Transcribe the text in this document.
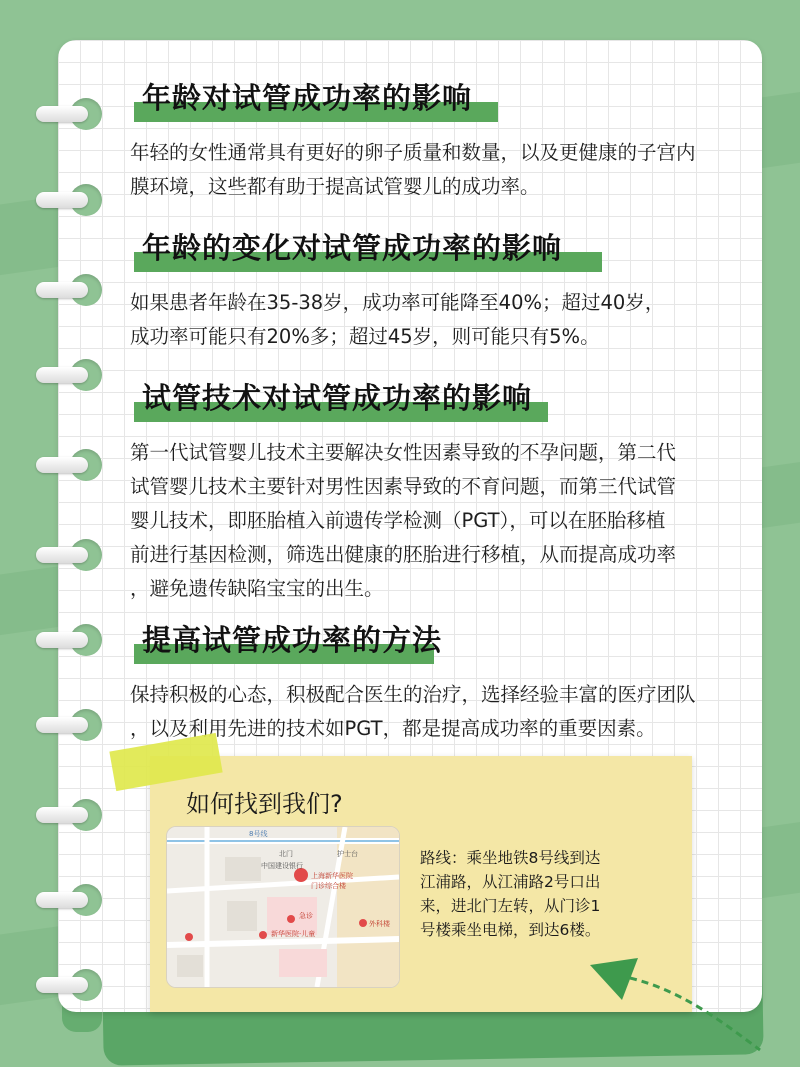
年龄对试管成功率的影响
年轻的女性通常具有更好的卵子质量和数量，以及更健康的子宫内
膜环境，这些都有助于提高试管婴儿的成功率。
年龄的变化对试管成功率的影响
如果患者年龄在35-38岁，成功率可能降至40%；超过40岁，
成功率可能只有20%多；超过45岁，则可能只有5%。
试管技术对试管成功率的影响
第一代试管婴儿技术主要解决女性因素导致的不孕问题，第二代
试管婴儿技术主要针对男性因素导致的不育问题，而第三代试管
婴儿技术，即胚胎植入前遗传学检测（PGT），可以在胚胎移植
前进行基因检测，筛选出健康的胚胎进行移植，从而提高成功率
，避免遗传缺陷宝宝的出生。
提高试管成功率的方法
保持积极的心态，积极配合医生的治疗，选择经验丰富的医疗团队
，以及利用先进的技术如PGT，都是提高成功率的重要因素。
如何找到我们?
8号线
北门
中国建设银行
上海新华医院
门诊综合楼
护士台
急诊
新华医院·儿童
外科楼
路线：乘坐地铁8号线到达
江浦路，从江浦路2号口出
来，进北门左转，从门诊1
号楼乘坐电梯，到达6楼。
